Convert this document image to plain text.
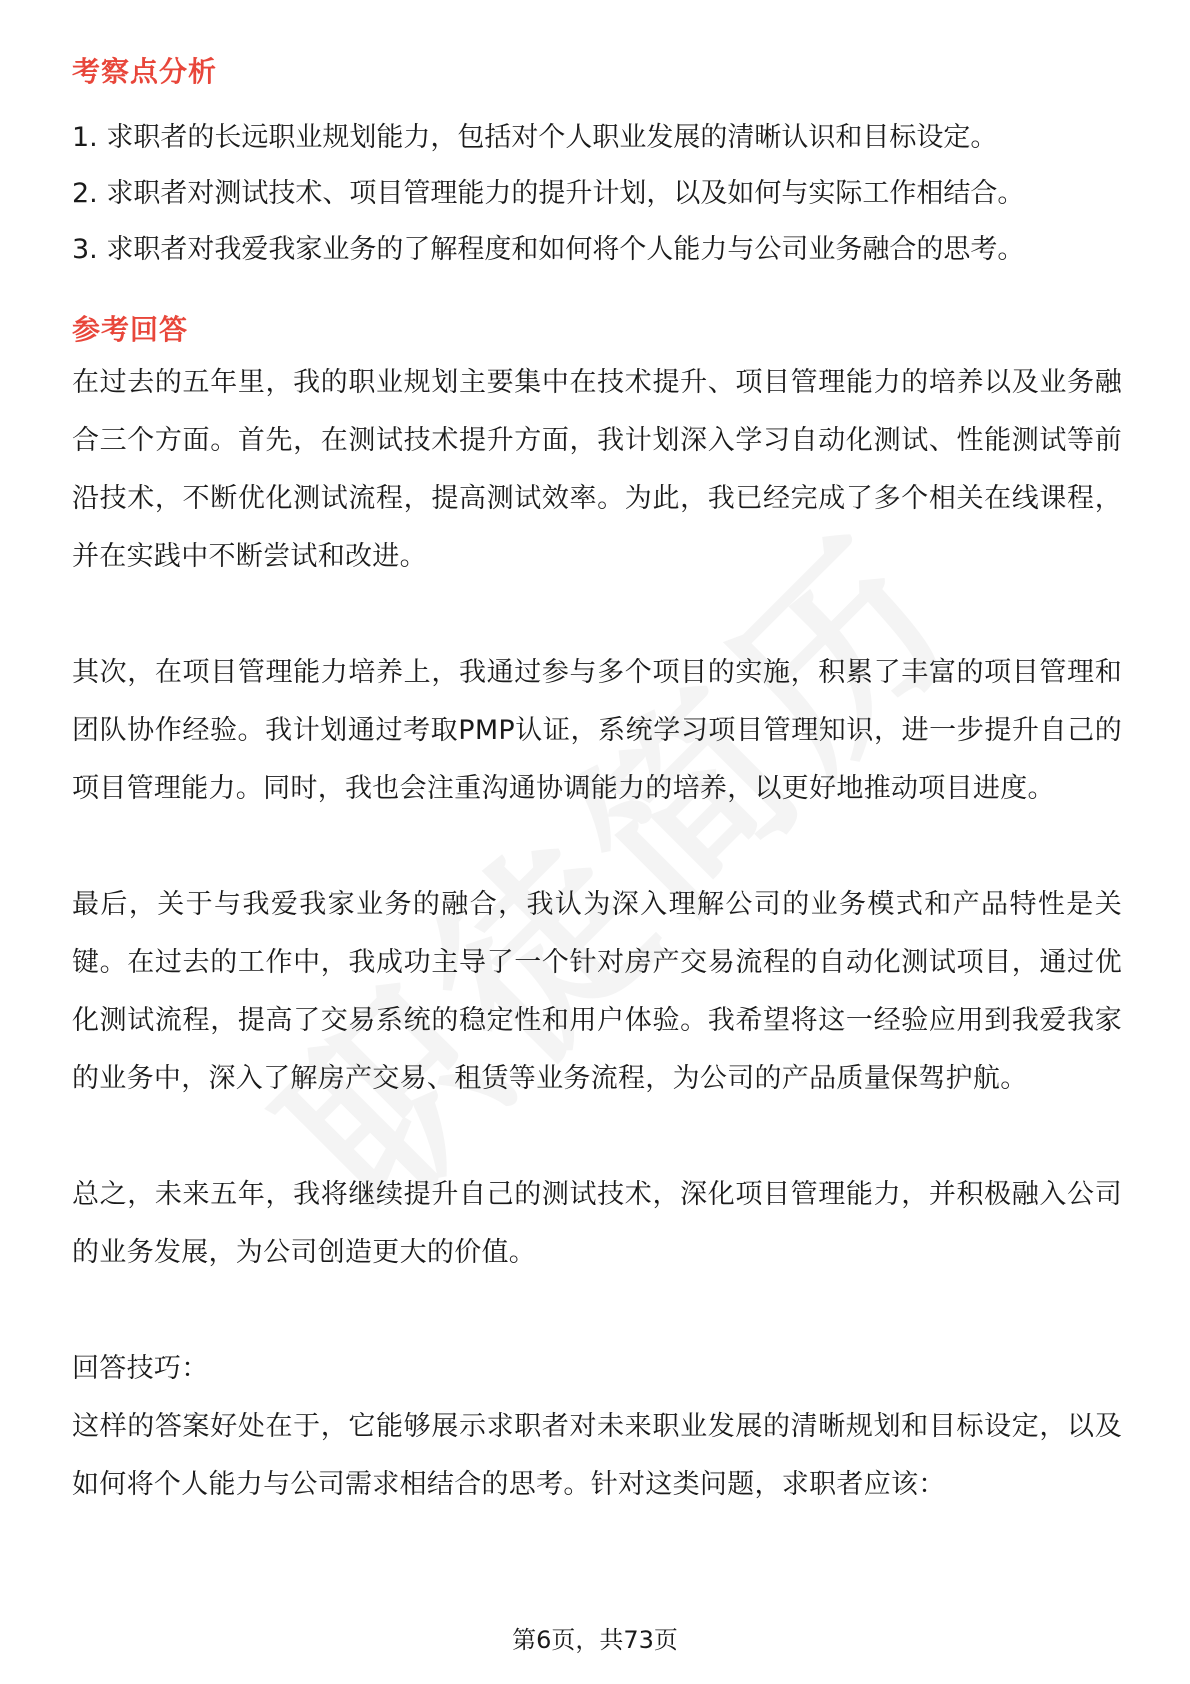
考察点分析

1. 求职者的长远职业规划能力，包括对个人职业发展的清晰认识和目标设定。

2. 求职者对测试技术、项目管理能力的提升计划，以及如何与实际工作相结合。

3. 求职者对我爱我家业务的了解程度和如何将个人能力与公司业务融合的思考。

参考回答

在过去的五年里，我的职业规划主要集中在技术提升、项目管理能力的培养以及业务融合三个方面。首先，在测试技术提升方面，我计划深入学习自动化测试、性能测试等前沿技术，不断优化测试流程，提高测试效率。为此，我已经完成了多个相关在线课程，并在实践中不断尝试和改进。

其次，在项目管理能力培养上，我通过参与多个项目的实施，积累了丰富的项目管理和团队协作经验。我计划通过考取PMP认证，系统学习项目管理知识，进一步提升自己的项目管理能力。同时，我也会注重沟通协调能力的培养，以更好地推动项目进度。

最后，关于与我爱我家业务的融合，我认为深入理解公司的业务模式和产品特性是关键。在过去的工作中，我成功主导了一个针对房产交易流程的自动化测试项目，通过优化测试流程，提高了交易系统的稳定性和用户体验。我希望将这一经验应用到我爱我家的业务中，深入了解房产交易、租赁等业务流程，为公司的产品质量保驾护航。

总之，未来五年，我将继续提升自己的测试技术，深化项目管理能力，并积极融入公司的业务发展，为公司创造更大的价值。

回答技巧：

这样的答案好处在于，它能够展示求职者对未来职业发展的清晰规划和目标设定，以及如何将个人能力与公司需求相结合的思考。针对这类问题，求职者应该：

第6页，共73页
